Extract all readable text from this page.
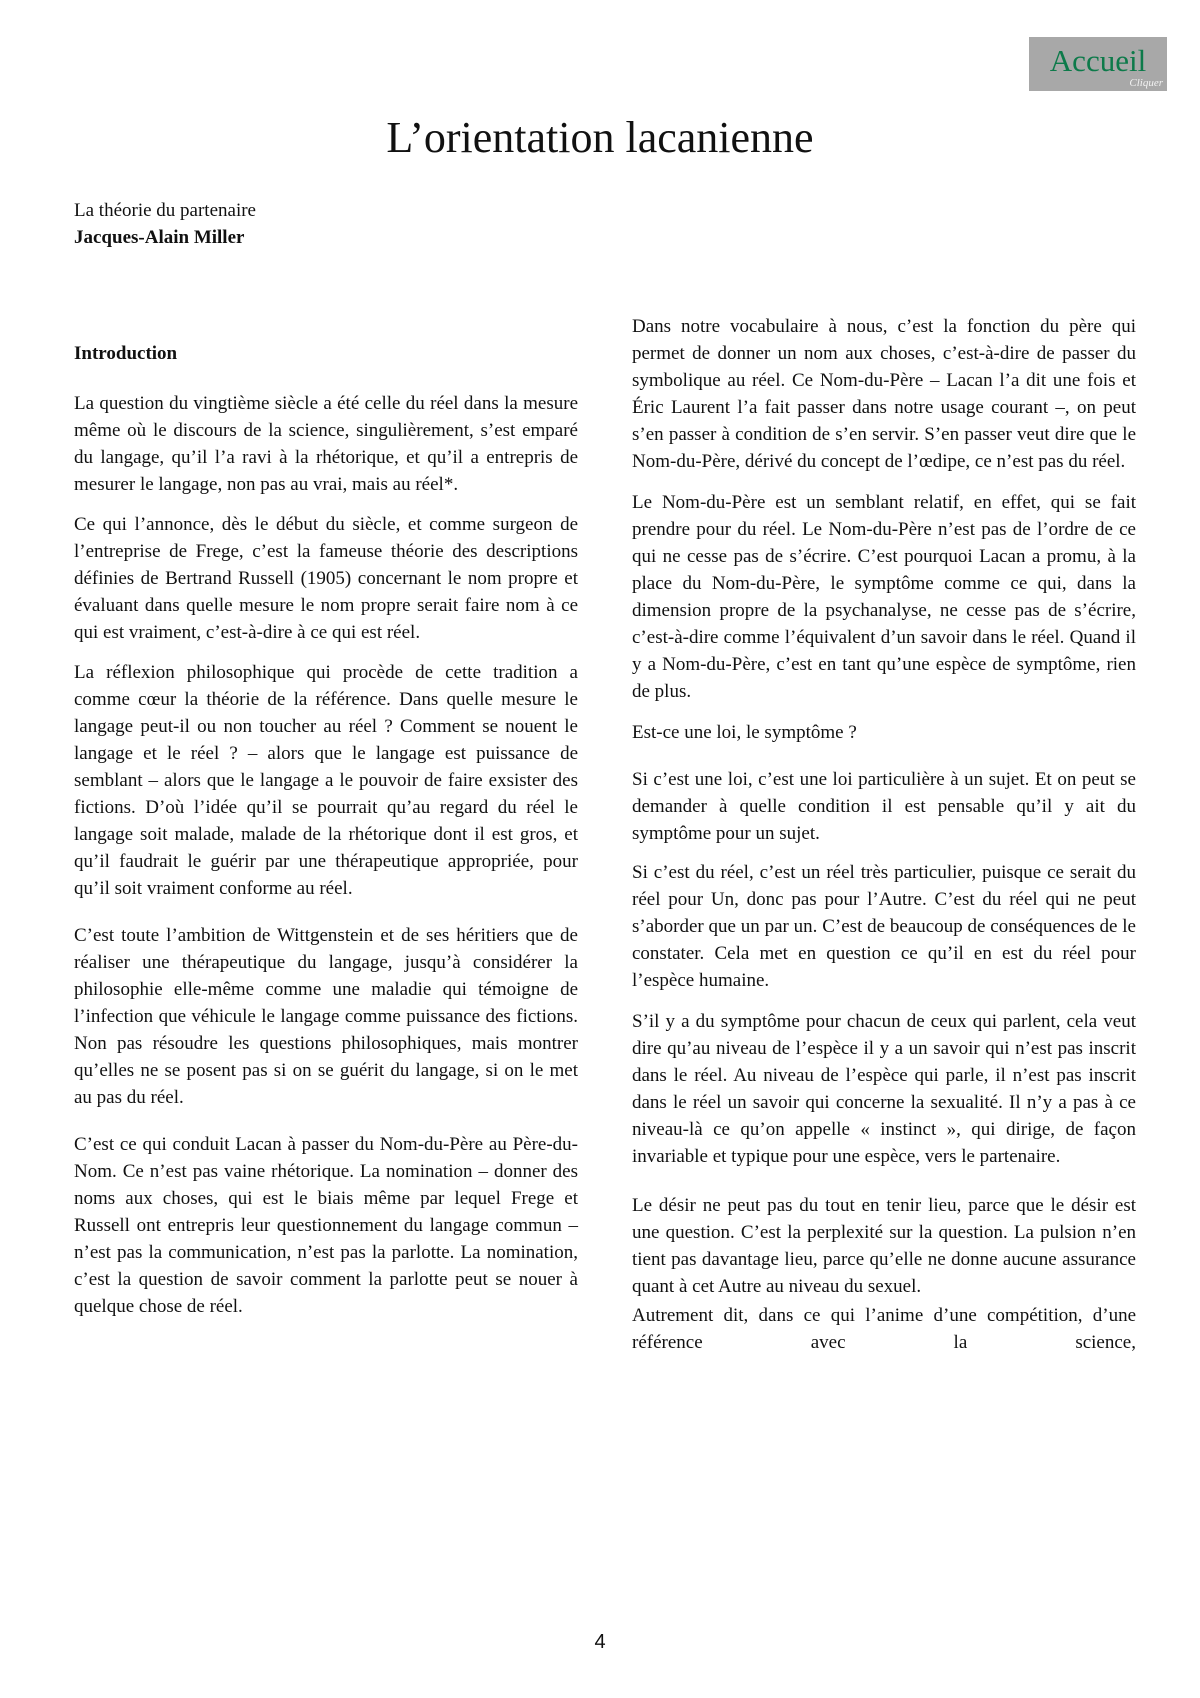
Accueil
Cliquer
L’orientation lacanienne
La théorie du partenaire
Jacques-Alain Miller

Introduction

La question du vingtième siècle a été celle du réel dans la mesure même où le discours de la science, singulièrement, s’est emparé du langage, qu’il l’a ravi à la rhétorique, et qu’il a entrepris de mesurer le langage, non pas au vrai, mais au réel*.

Ce qui l’annonce, dès le début du siècle, et comme surgeon de l’entreprise de Frege, c’est la fameuse théorie des descriptions définies de Bertrand Russell (1905) concernant le nom propre et évaluant dans quelle mesure le nom propre serait faire nom à ce qui est vraiment, c’est-à-dire à ce qui est réel.

La réflexion philosophique qui procède de cette tradition a comme cœur la théorie de la référence. Dans quelle mesure le langage peut-il ou non toucher au réel ? Comment se nouent le langage et le réel ? – alors que le langage est puissance de semblant – alors que le langage a le pouvoir de faire exsister des fictions. D’où l’idée qu’il se pourrait qu’au regard du réel le langage soit malade, malade de la rhétorique dont il est gros, et qu’il faudrait le guérir par une thérapeutique appropriée, pour qu’il soit vraiment conforme au réel.

C’est toute l’ambition de Wittgenstein et de ses héritiers que de réaliser une thérapeutique du langage, jusqu’à considérer la philosophie elle-même comme une maladie qui témoigne de l’infection que véhicule le langage comme puissance des fictions. Non pas résoudre les questions philosophiques, mais montrer qu’elles ne se posent pas si on se guérit du langage, si on le met au pas du réel.

C’est ce qui conduit Lacan à passer du Nom-du-Père au Père-du-Nom. Ce n’est pas vaine rhétorique. La nomination – donner des noms aux choses, qui est le biais même par lequel Frege et Russell ont entrepris leur questionnement du langage commun – n’est pas la communication, n’est pas la parlotte. La nomination, c’est la question de savoir comment la parlotte peut se nouer à quelque chose de réel.

Dans notre vocabulaire à nous, c’est la fonction du père qui permet de donner un nom aux choses, c’est-à-dire de passer du symbolique au réel. Ce Nom-du-Père – Lacan l’a dit une fois et Éric Laurent l’a fait passer dans notre usage courant –, on peut s’en passer à condition de s’en servir. S’en passer veut dire que le Nom-du-Père, dérivé du concept de l’œdipe, ce n’est pas du réel.

Le Nom-du-Père est un semblant relatif, en effet, qui se fait prendre pour du réel. Le Nom-du-Père n’est pas de l’ordre de ce qui ne cesse pas de s’écrire. C’est pourquoi Lacan a promu, à la place du Nom-du-Père, le symptôme comme ce qui, dans la dimension propre de la psychanalyse, ne cesse pas de s’écrire, c’est-à-dire comme l’équivalent d’un savoir dans le réel. Quand il y a Nom-du-Père, c’est en tant qu’une espèce de symptôme, rien de plus.

Est-ce une loi, le symptôme ?

Si c’est une loi, c’est une loi particulière à un sujet. Et on peut se demander à quelle condition il est pensable qu’il y ait du symptôme pour un sujet.

Si c’est du réel, c’est un réel très particulier, puisque ce serait du réel pour Un, donc pas pour l’Autre. C’est du réel qui ne peut s’aborder que un par un. C’est de beaucoup de conséquences de le constater. Cela met en question ce qu’il en est du réel pour l’espèce humaine.

S’il y a du symptôme pour chacun de ceux qui parlent, cela veut dire qu’au niveau de l’espèce il y a un savoir qui n’est pas inscrit dans le réel. Au niveau de l’espèce qui parle, il n’est pas inscrit dans le réel un savoir qui concerne la sexualité. Il n’y a pas à ce niveau-là ce qu’on appelle « instinct », qui dirige, de façon invariable et typique pour une espèce, vers le partenaire.

Le désir ne peut pas du tout en tenir lieu, parce que le désir est une question. C’est la perplexité sur la question. La pulsion n’en tient pas davantage lieu, parce qu’elle ne donne aucune assurance quant à cet Autre au niveau du sexuel.

Autrement dit, dans ce qui l’anime d’une compétition, d’une référence avec la science,

4
